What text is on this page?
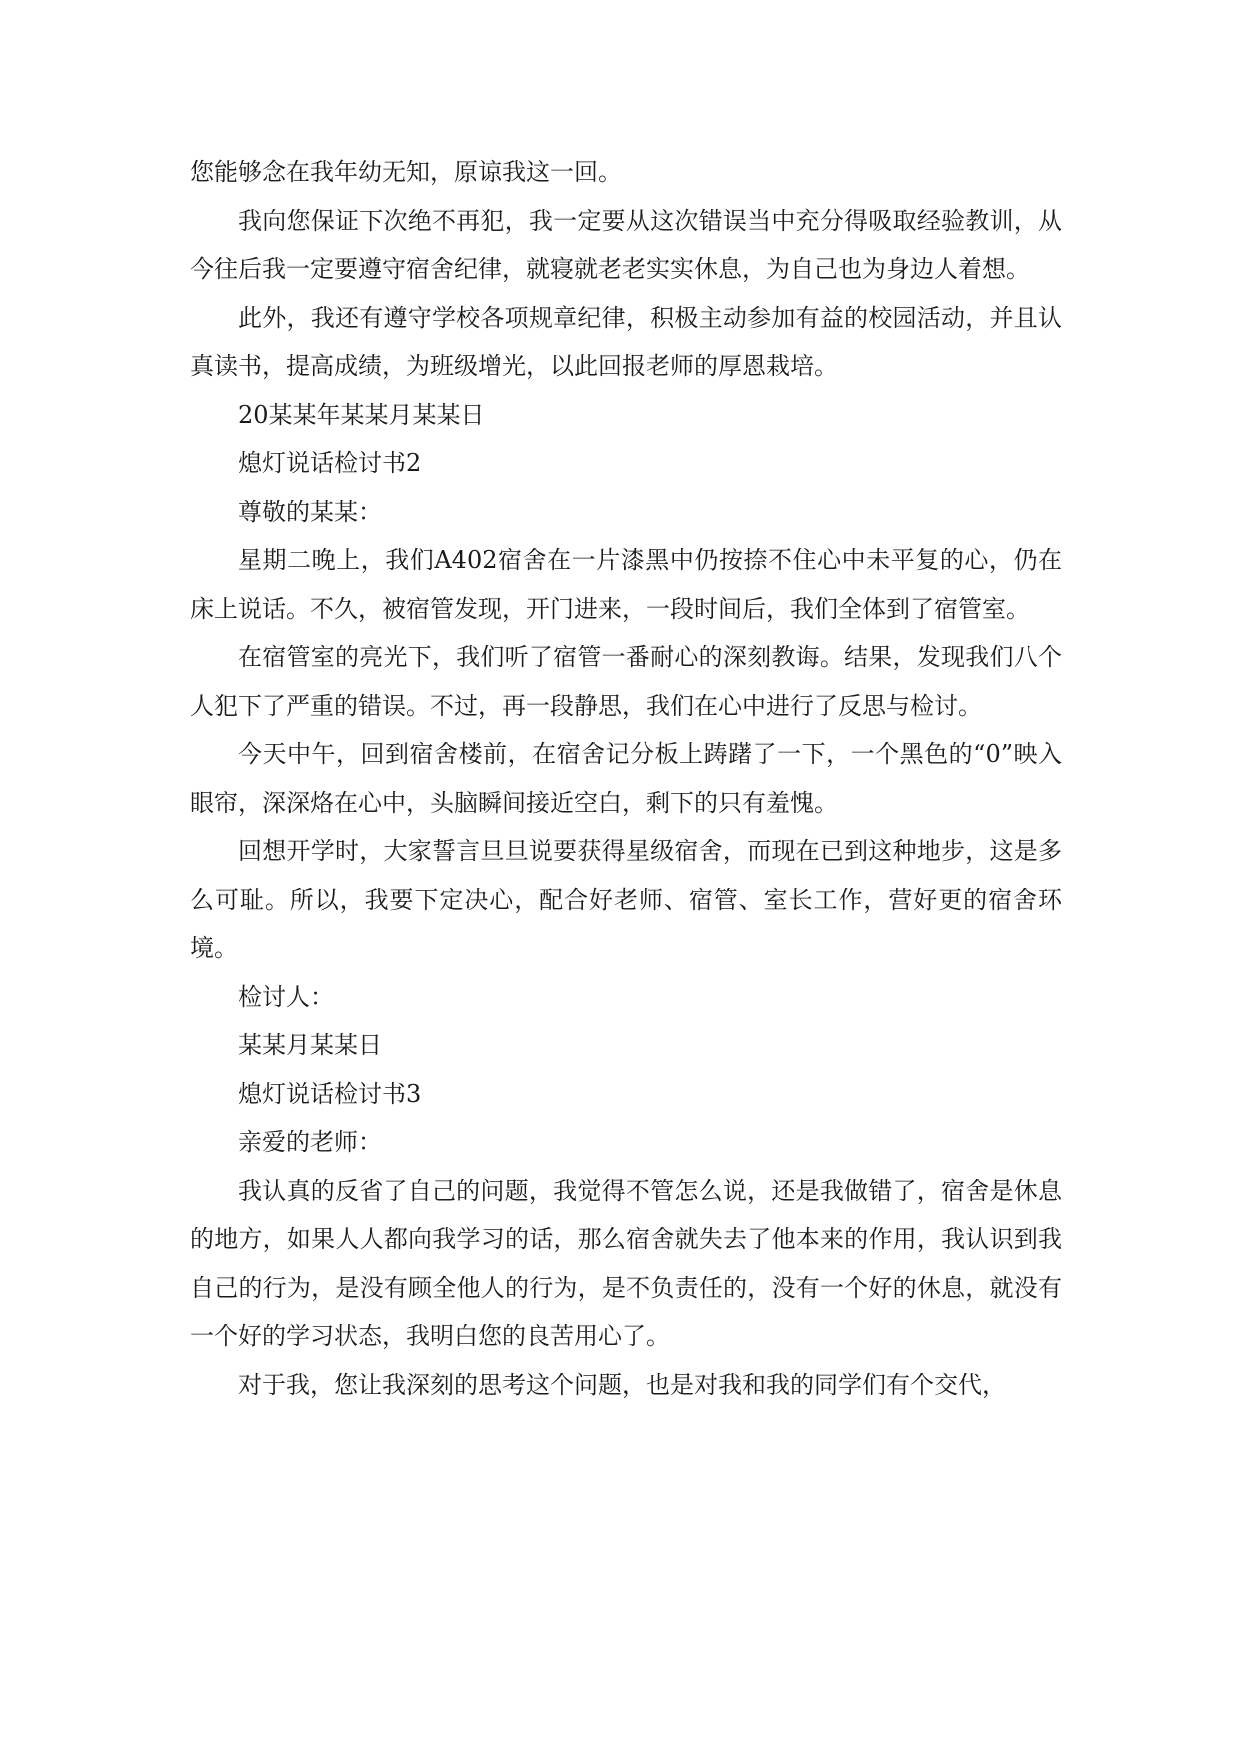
您能够念在我年幼无知，原谅我这一回。

我向您保证下次绝不再犯，我一定要从这次错误当中充分得吸取经验教训，从今往后我一定要遵守宿舍纪律，就寝就老老实实休息，为自己也为身边人着想。

此外，我还有遵守学校各项规章纪律，积极主动参加有益的校园活动，并且认真读书，提高成绩，为班级增光，以此回报老师的厚恩栽培。

20某某年某某月某某日

熄灯说话检讨书2

尊敬的某某：

星期二晚上，我们A402宿舍在一片漆黑中仍按捺不住心中未平复的心，仍在床上说话。不久，被宿管发现，开门进来，一段时间后，我们全体到了宿管室。

在宿管室的亮光下，我们听了宿管一番耐心的深刻教诲。结果，发现我们八个人犯下了严重的错误。不过，再一段静思，我们在心中进行了反思与检讨。

今天中午，回到宿舍楼前，在宿舍记分板上踌躇了一下，一个黑色的“0”映入眼帘，深深烙在心中，头脑瞬间接近空白，剩下的只有羞愧。

回想开学时，大家誓言旦旦说要获得星级宿舍，而现在已到这种地步，这是多么可耻。所以，我要下定决心，配合好老师、宿管、室长工作，营好更的宿舍环境。

检讨人：

某某月某某日

熄灯说话检讨书3

亲爱的老师：

我认真的反省了自己的问题，我觉得不管怎么说，还是我做错了，宿舍是休息的地方，如果人人都向我学习的话，那么宿舍就失去了他本来的作用，我认识到我自己的行为，是没有顾全他人的行为，是不负责任的，没有一个好的休息，就没有一个好的学习状态，我明白您的良苦用心了。

对于我，您让我深刻的思考这个问题，也是对我和我的同学们有个交代，
